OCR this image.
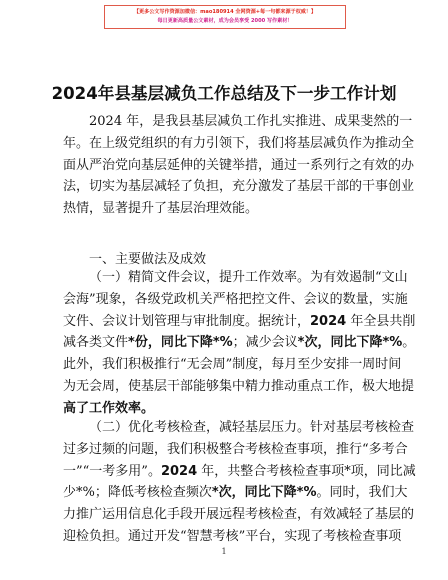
【更多公文写作资源加微信：mao180914 全网资源+每一句都来源于权威！】
每日更新高质量公文素材，成为会员享受 2000 写作素材！
2024年县基层减负工作总结及下一步工作计划
2024 年，是我县基层减负工作扎实推进、成果斐然的一
年。在上级党组织的有力引领下，我们将基层减负作为推动全
面从严治党向基层延伸的关键举措，通过一系列行之有效的办
法，切实为基层减轻了负担，充分激发了基层干部的干事创业
热情，显著提升了基层治理效能。
一、主要做法及成效
（一）精简文件会议，提升工作效率。为有效遏制“文山
会海”现象，各级党政机关严格把控文件、会议的数量，实施
文件、会议计划管理与审批制度。据统计，2024 年全县共削
减各类文件*份，同比下降*%；减少会议*次，同比下降*%。
此外，我们积极推行“无会周”制度，每月至少安排一周时间
为无会周，使基层干部能够集中精力推动重点工作，极大地提
高了工作效率。
（二）优化考核检查，减轻基层压力。针对基层考核检查
过多过频的问题，我们积极整合考核检查事项，推行“多考合
一”“一考多用”。2024 年，共整合考核检查事项*项，同比减
少*%；降低考核检查频次*次，同比下降*%。同时，我们大
力推广运用信息化手段开展远程考核检查，有效减轻了基层的
迎检负担。通过开发“智慧考核”平台，实现了考核检查事项
1
